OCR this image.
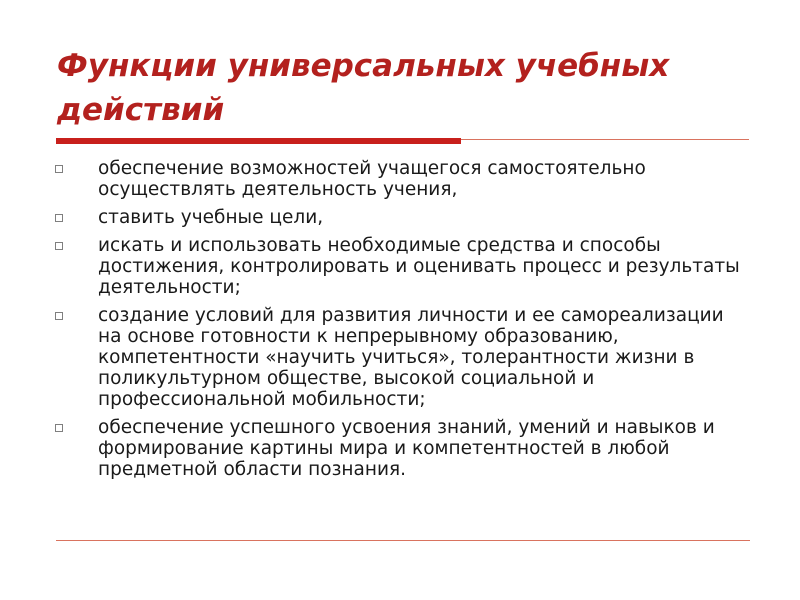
Функции универсальных учебных действий
обеспечение возможностей учащегося самостоятельно осуществлять деятельность учения,
ставить учебные цели,
искать и использовать необходимые средства и способы достижения, контролировать и оценивать процесс и результаты деятельности;
создание условий для развития личности и ее самореализации на основе готовности к непрерывному образованию, компетентности «научить учиться», толерантности жизни в поликультурном обществе, высокой социальной и профессиональной мобильности;
обеспечение успешного усвоения знаний, умений и навыков и формирование картины мира и компетентностей в любой предметной области познания.
